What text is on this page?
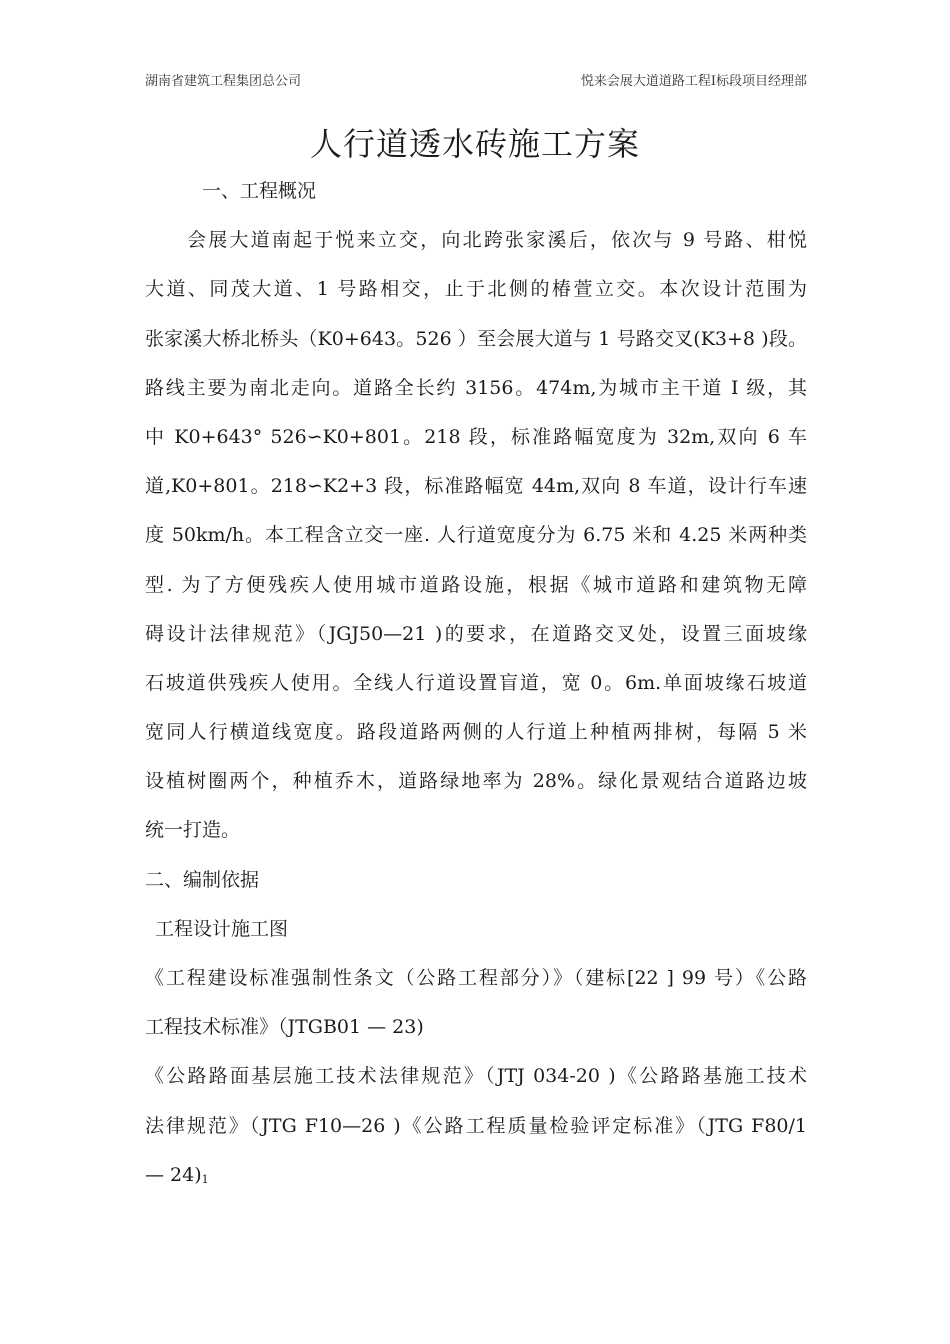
湖南省建筑工程集团总公司	悦来会展大道道路工程Ⅰ标段项目经理部
人行道透水砖施工方案
一、工程概况
会展大道南起于悦来立交，向北跨张家溪后，依次与 9 号路、柑悦
大道、同茂大道、1 号路相交，止于北侧的椿萱立交。本次设计范围为
张家溪大桥北桥头（K0+643。526 ）至会展大道与 1 号路交叉(K3+8 )段。
路线主要为南北走向。道路全长约 3156。474m,为城市主干道 I 级，其
中 K0+643° 526∽K0+801。218 段，标准路幅宽度为 32m,双向 6 车
道,K0+801。218∽K2+3 段，标准路幅宽 44m,双向 8 车道，设计行车速
度 50km/h。本工程含立交一座. 人行道宽度分为 6.75 米和 4.25 米两种类
型. 为了方便残疾人使用城市道路设施，根据《城市道路和建筑物无障
碍设计法律规范》（JGJ50—21 )的要求，在道路交叉处，设置三面坡缘
石坡道供残疾人使用。全线人行道设置盲道，宽 0。6m.单面坡缘石坡道
宽同人行横道线宽度。路段道路两侧的人行道上种植两排树，每隔 5 米
设植树圈两个，种植乔木，道路绿地率为 28%。绿化景观结合道路边坡
统一打造。
二、编制依据
工程设计施工图
《工程建设标准强制性条文（公路工程部分）》（建标[22 ] 99 号）《公路
工程技术标准》（JTGB01 — 23)
《公路路面基层施工技术法律规范》（JTJ 034-20 )《公路路基施工技术
法律规范》（JTG F10—26 )《公路工程质量检验评定标准》（JTG F80/1
— $24)_1$
